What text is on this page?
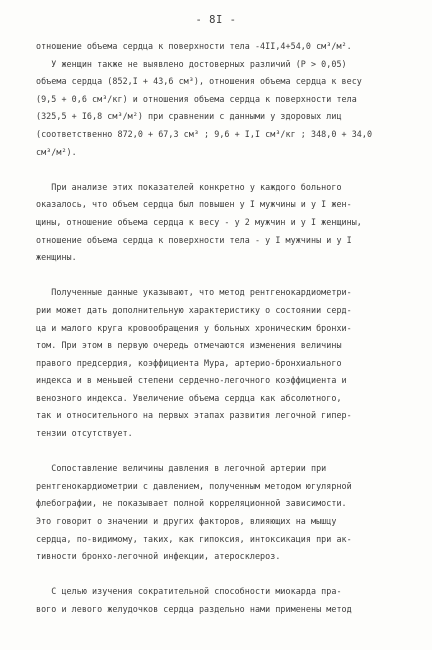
- 8I -
отношение объема сердца к поверхности тела -4II,4+54,0 см³/м².
У женщин также не выявлено достоверных различий (Р > 0,05)
объема сердца (852,I + 43,6 см³), отношения объема сердца к весу
(9,5 + 0,6 см³/кг) и отношения объема сердца к поверхности тела
(325,5 + I6,8 см³/м²) при сравнении с данными у здоровых лиц
(соответственно 872,0 + 67,3 см³ ; 9,6 + I,I см³/кг ; 348,0 + 34,0
см³/м²).
При анализе этих показателей конкретно у каждого больного
оказалось, что объем сердца был повышен у I мужчины и у I жен-
щины, отношение объема сердца к весу - у 2 мужчин и у I женщины,
отношение объема сердца к поверхности тела - у I мужчины и у I
женщины.
Полученные данные указывают, что метод рентгенокардиометри-
рии может дать дополнительную характеристику о состоянии серд-
ца и малого круга кровообращения у больных хроническим бронхи-
том. При этом в первую очередь отмечаются изменения величины
правого предсердия, коэффициента Мура, артерио-бронхиального
индекса и в меньшей степени сердечно-легочного коэффициента и
венозного индекса. Увеличение объема сердца как абсолютного,
так и относительного на первых этапах развития легочной гипер-
тензии отсутствует.
Сопоставление величины давления в легочной артерии при
рентгенокардиометрии с давлением, полученным методом югулярной
флебографии, не показывает полной корреляционной зависимости.
Это говорит о значении и других факторов, влияющих на мышцу
сердца, по-видимому, таких, как гипоксия, интоксикация при ак-
тивности бронхо-легочной инфекции, атеросклероз.
С целью изучения сократительной способности миокарда пра-
вого и левого желудочков сердца раздельно нами применены метод
